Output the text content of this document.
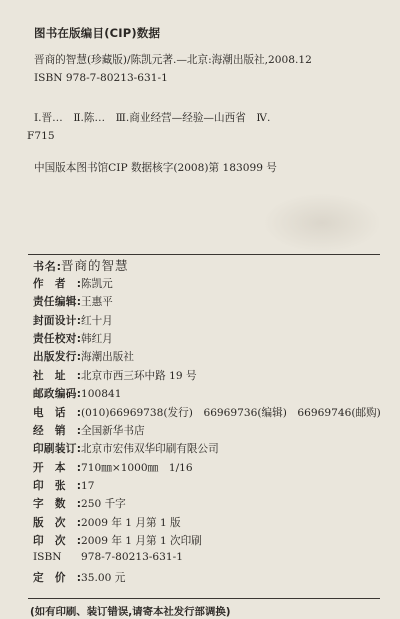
图书在版编目(CIP)数据
晋商的智慧(珍藏版)/陈凯元著.—北京:海潮出版社,2008.12
ISBN 978-7-80213-631-1
Ⅰ.晋…　Ⅱ.陈…　Ⅲ.商业经营—经验—山西省　Ⅳ.
F715
中国版本图书馆CIP 数据核字(2008)第 183099 号
书名: 晋商的智慧
作者: 陈凯元
责任编辑: 王惠平
封面设计: 红十月
责任校对: 韩红月
出版发行: 海潮出版社
社址: 北京市西三环中路 19 号
邮政编码: 100841
电话: (010)66969738(发行)　66969736(编辑)　66969746(邮购)
经销: 全国新华书店
印刷装订: 北京市宏伟双华印刷有限公司
开本: 710㎜×1000㎜　1/16
印张: 17
字数: 250 千字
版次: 2009 年 1 月第 1 版
印次: 2009 年 1 月第 1 次印刷
ISBN	978-7-80213-631-1
定价: 35.00 元
(如有印刷、装订错误,请寄本社发行部调换)
